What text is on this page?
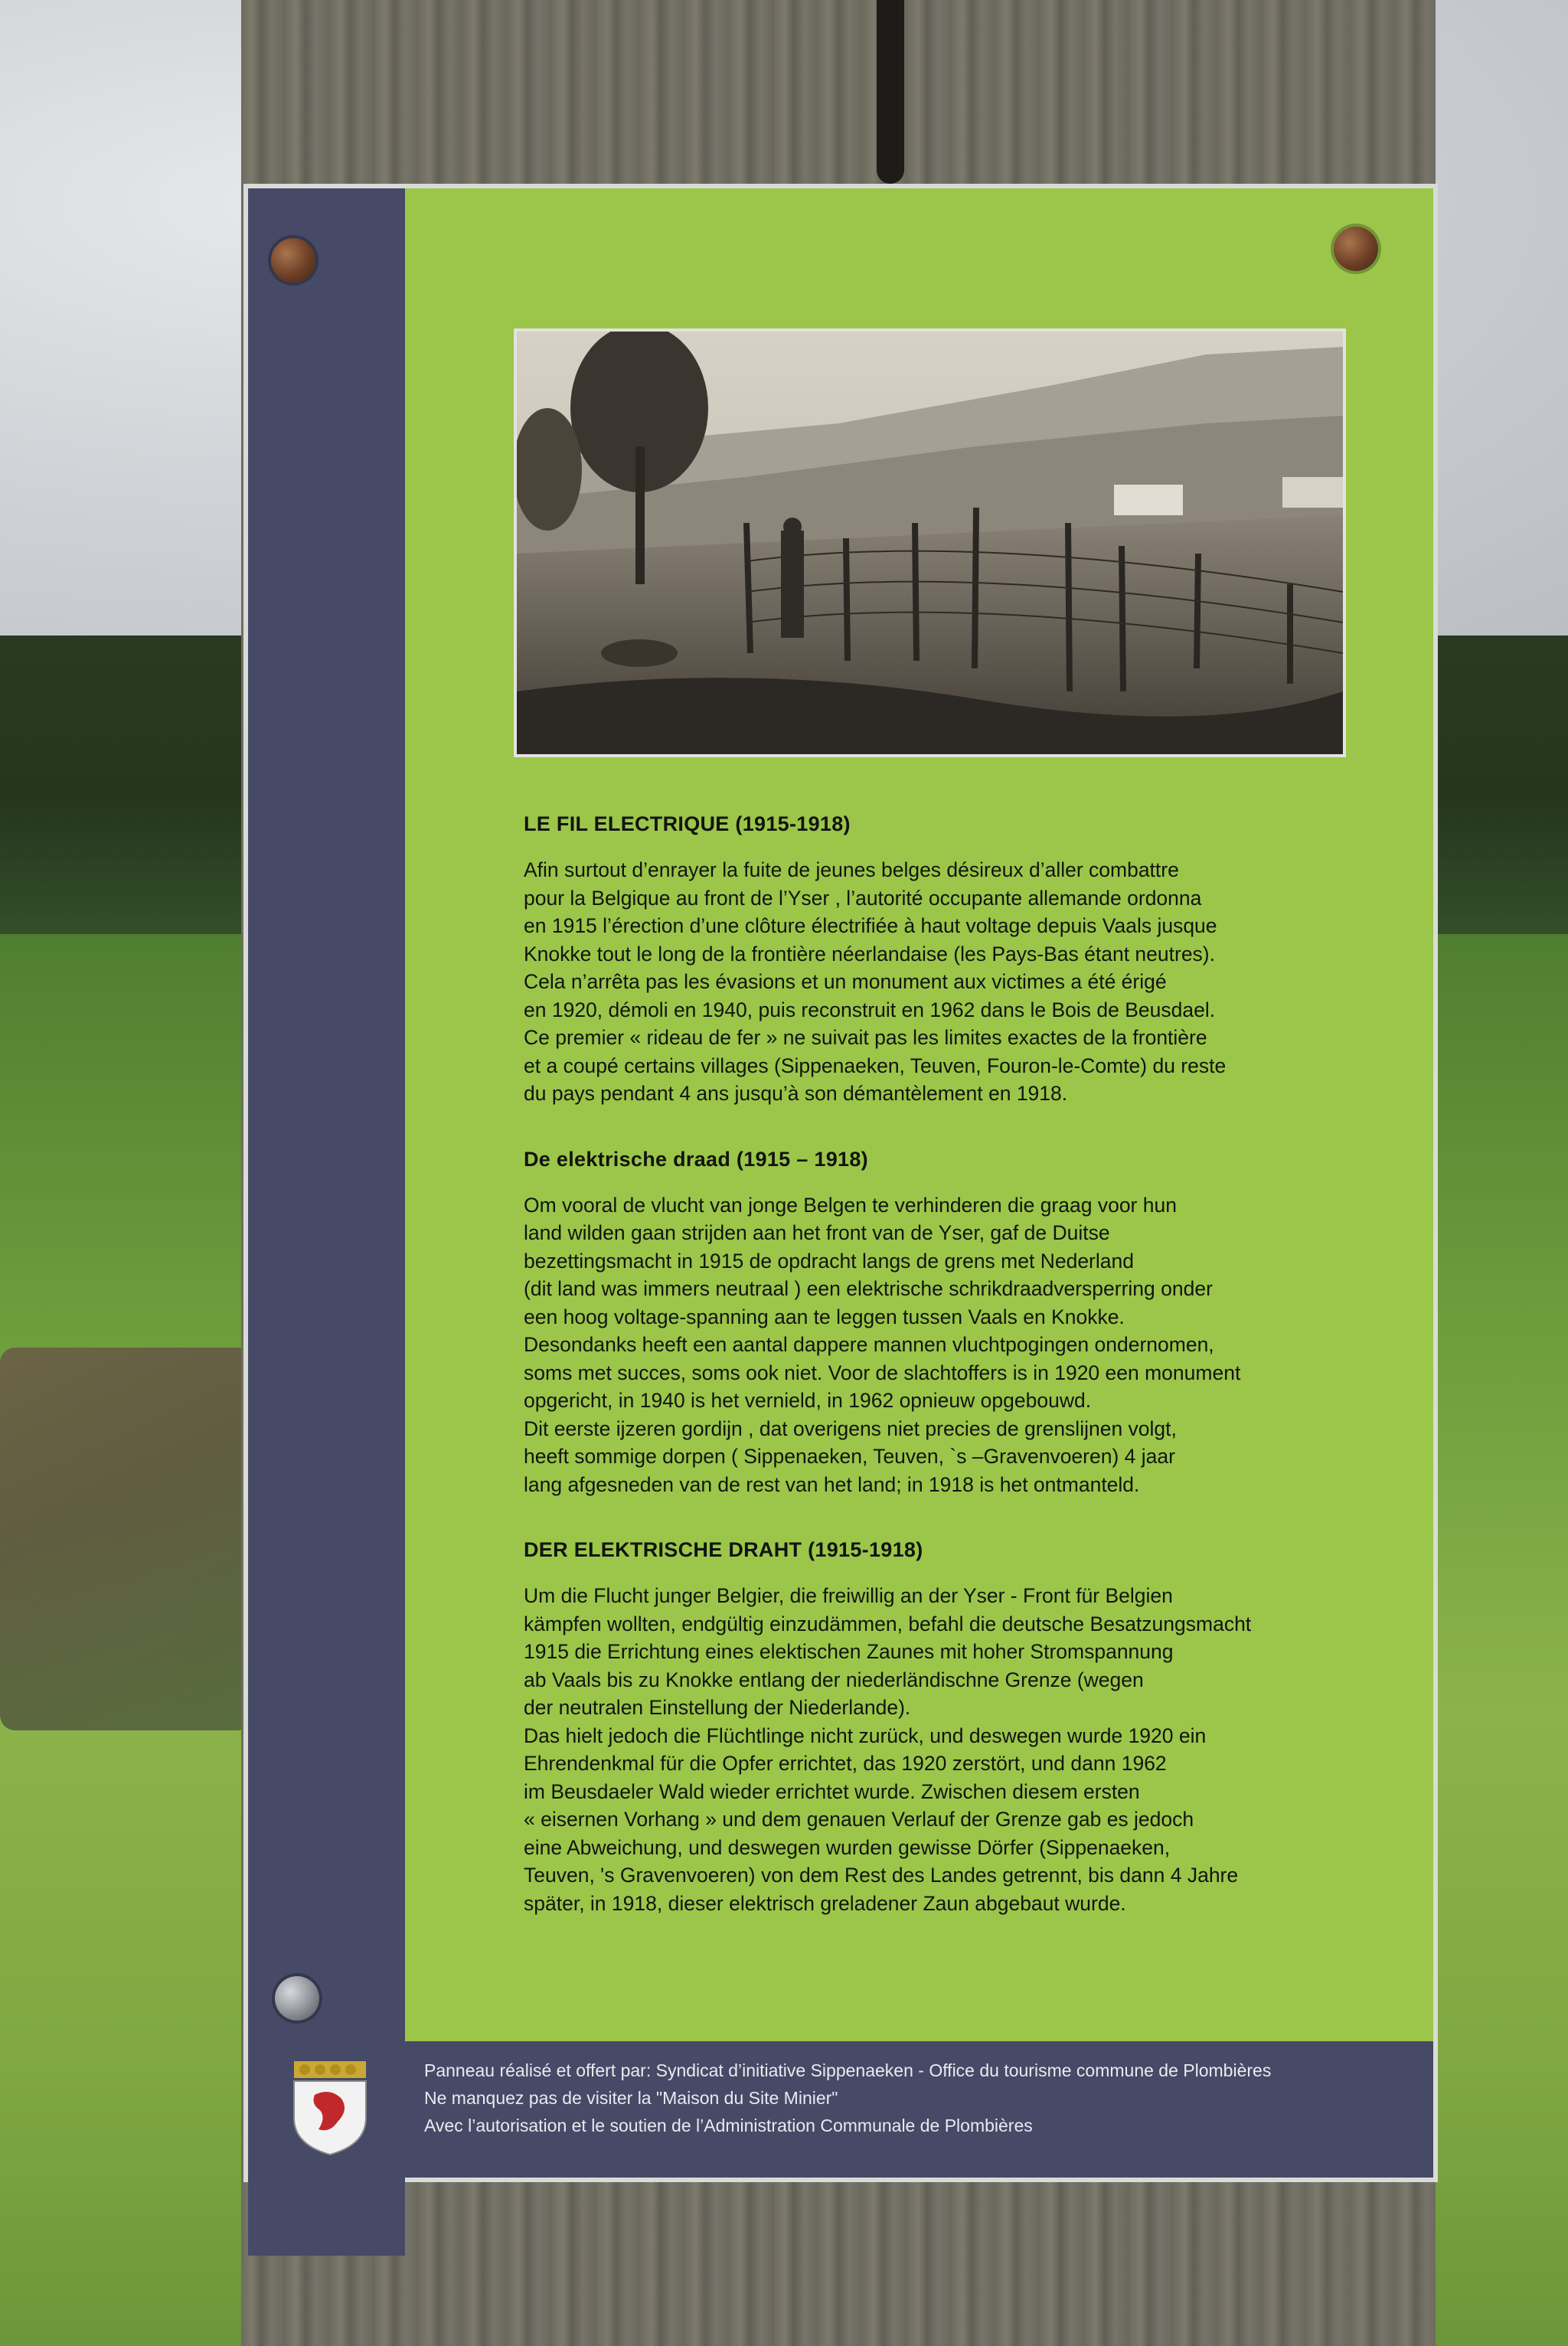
LE FIL ELECTRIQUE (1915-1918)

Afin surtout d’enrayer la fuite de jeunes belges désireux d’aller combattre

pour la Belgique au front de l’Yser , l’autorité occupante allemande ordonna

en 1915 l’érection d’une clôture électrifiée à haut voltage depuis Vaals jusque

Knokke tout le long de la frontière néerlandaise (les Pays-Bas étant neutres).

Cela n’arrêta pas les évasions et un monument aux victimes a été érigé

en 1920, démoli en 1940, puis reconstruit en 1962 dans le Bois de Beusdael.

Ce premier « rideau de fer » ne suivait pas les limites exactes de la frontière

et a coupé certains villages (Sippenaeken, Teuven, Fouron-le-Comte) du reste

du pays pendant 4 ans jusqu’à son démantèlement en 1918.

De elektrische draad (1915 – 1918)

Om vooral de vlucht van jonge Belgen te verhinderen die graag voor hun

land wilden gaan strijden aan het front van de Yser, gaf de Duitse

bezettingsmacht in 1915 de opdracht langs de grens met Nederland

(dit land was immers neutraal ) een elektrische schrikdraadversperring onder

een hoog voltage-spanning aan te leggen tussen Vaals en Knokke.

Desondanks heeft een aantal dappere mannen vluchtpogingen ondernomen,

soms met succes, soms ook niet. Voor de slachtoffers is in 1920 een monument

opgericht, in 1940 is het vernield, in 1962 opnieuw opgebouwd.

Dit eerste ijzeren gordijn , dat overigens niet precies de grenslijnen volgt,

heeft sommige dorpen ( Sippenaeken, Teuven, `s –Gravenvoeren) 4 jaar

lang afgesneden van de rest van het land; in 1918 is het ontmanteld.

DER ELEKTRISCHE DRAHT (1915-1918)

Um die Flucht junger Belgier, die freiwillig an der Yser - Front für Belgien

kämpfen wollten, endgültig einzudämmen, befahl die deutsche Besatzungsmacht

1915 die Errichtung eines elektischen Zaunes mit hoher Stromspannung

ab Vaals bis zu Knokke entlang der niederländischne Grenze (wegen

der neutralen Einstellung der Niederlande).

Das hielt jedoch die Flüchtlinge nicht zurück, und deswegen wurde 1920 ein

Ehrendenkmal für die Opfer errichtet, das 1920 zerstört, und dann 1962

im Beusdaeler Wald wieder errichtet wurde. Zwischen diesem ersten

« eisernen Vorhang » und dem genauen Verlauf der Grenze gab es jedoch

eine Abweichung, und deswegen wurden gewisse Dörfer (Sippenaeken,

Teuven, 's Gravenvoeren) von dem Rest des Landes getrennt, bis dann 4 Jahre

später, in 1918, dieser elektrisch greladener Zaun abgebaut wurde.

Panneau réalisé et offert par: Syndicat d’initiative Sippenaeken - Office du tourisme commune de Plombières

Ne manquez pas de visiter la "Maison du Site Minier"

Avec l’autorisation et le soutien de l’Administration Communale de Plombières
